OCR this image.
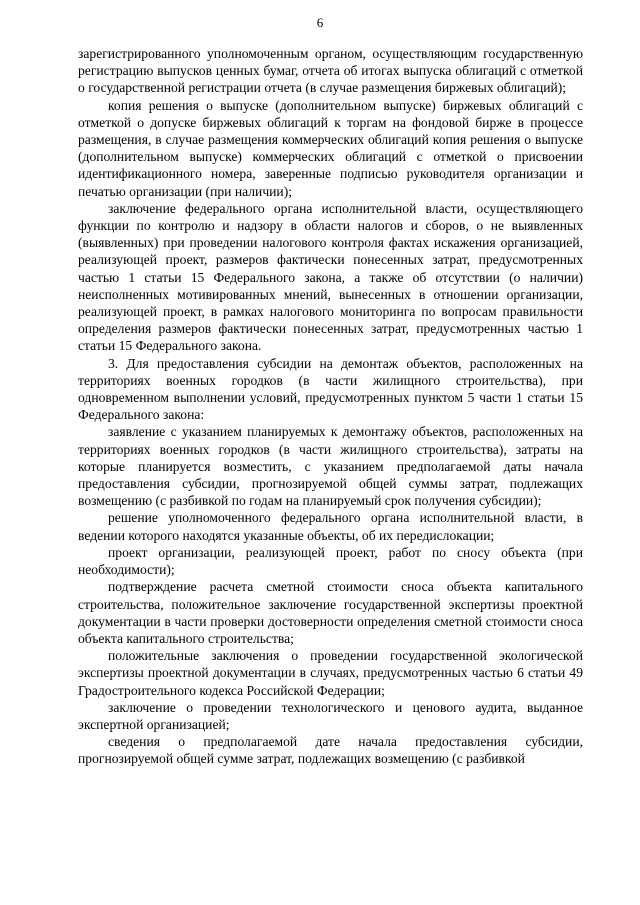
6

зарегистрированного уполномоченным органом, осуществляющим государственную регистрацию выпусков ценных бумаг, отчета об итогах выпуска облигаций с отметкой о государственной регистрации отчета (в случае размещения биржевых облигаций);

копия решения о выпуске (дополнительном выпуске) биржевых облигаций с отметкой о допуске биржевых облигаций к торгам на фондовой бирже в процессе размещения, в случае размещения коммерческих облигаций копия решения о выпуске (дополнительном выпуске) коммерческих облигаций с отметкой о присвоении идентификационного номера, заверенные подписью руководителя организации и печатью организации (при наличии);

заключение федерального органа исполнительной власти, осуществляющего функции по контролю и надзору в области налогов и сборов, о не выявленных (выявленных) при проведении налогового контроля фактах искажения организацией, реализующей проект, размеров фактически понесенных затрат, предусмотренных частью 1 статьи 15 Федерального закона, а также об отсутствии (о наличии) неисполненных мотивированных мнений, вынесенных в отношении организации, реализующей проект, в рамках налогового мониторинга по вопросам правильности определения размеров фактически понесенных затрат, предусмотренных частью 1 статьи 15 Федерального закона.

3. Для предоставления субсидии на демонтаж объектов, расположенных на территориях военных городков (в части жилищного строительства), при одновременном выполнении условий, предусмотренных пунктом 5 части 1 статьи 15 Федерального закона:

заявление с указанием планируемых к демонтажу объектов, расположенных на территориях военных городков (в части жилищного строительства), затраты на которые планируется возместить, с указанием предполагаемой даты начала предоставления субсидии, прогнозируемой общей суммы затрат, подлежащих возмещению (с разбивкой по годам на планируемый срок получения субсидии);

решение уполномоченного федерального органа исполнительной власти, в ведении которого находятся указанные объекты, об их передислокации;

проект организации, реализующей проект, работ по сносу объекта (при необходимости);

подтверждение расчета сметной стоимости сноса объекта капитального строительства, положительное заключение государственной экспертизы проектной документации в части проверки достоверности определения сметной стоимости сноса объекта капитального строительства;

положительные заключения о проведении государственной экологической экспертизы проектной документации в случаях, предусмотренных частью 6 статьи 49 Градостроительного кодекса Российской Федерации;

заключение о проведении технологического и ценового аудита, выданное экспертной организацией;

сведения о предполагаемой дате начала предоставления субсидии, прогнозируемой общей сумме затрат, подлежащих возмещению (с разбивкой
